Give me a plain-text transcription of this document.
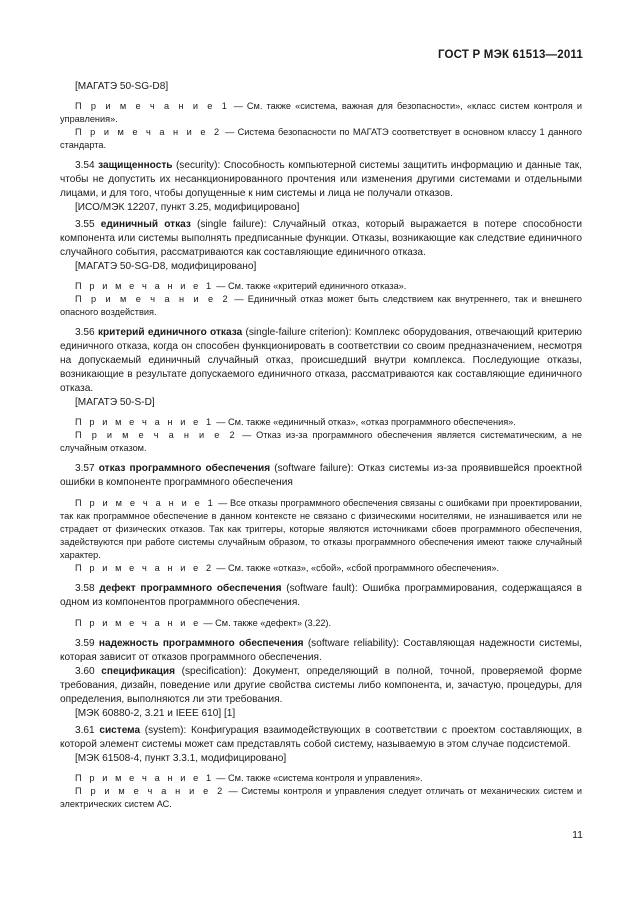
ГОСТ Р МЭК 61513—2011

[МАГАТЭ 50-SG-D8]

П р и м е ч а н и е 1 — См. также «система, важная для безопасности», «класс систем контроля и управления».

П р и м е ч а н и е 2 — Система безопасности по МАГАТЭ соответствует в основном классу 1 данного стандарта.

3.54 защищенность (security): Способность компьютерной системы защитить информацию и данные так, чтобы не допустить их несанкционированного прочтения или изменения другими системами и отдельными лицами, и для того, чтобы допущенные к ним системы и лица не получали отказов.

[ИСО/МЭК 12207, пункт 3.25, модифицировано]

3.55 единичный отказ (single failure): Случайный отказ, который выражается в потере способности компонента или системы выполнять предписанные функции. Отказы, возникающие как следствие единичного случайного события, рассматриваются как составляющие единичного отказа.

[МАГАТЭ 50-SG-D8, модифицировано]

П р и м е ч а н и е 1 — См. также «критерий единичного отказа».

П р и м е ч а н и е 2 — Единичный отказ может быть следствием как внутреннего, так и внешнего опасного воздействия.

3.56 критерий единичного отказа (single-failure criterion): Комплекс оборудования, отвечающий критерию единичного отказа, когда он способен функционировать в соответствии со своим предназначением, несмотря на допускаемый единичный случайный отказ, происшедший внутри комплекса. Последующие отказы, возникающие в результате допускаемого единичного отказа, рассматриваются как составляющие единичного отказа.

[МАГАТЭ 50-S-D]

П р и м е ч а н и е 1 — См. также «единичный отказ», «отказ программного обеспечения».

П р и м е ч а н и е 2 — Отказ из-за программного обеспечения является систематическим, а не случайным отказом.

3.57 отказ программного обеспечения (software failure): Отказ системы из-за проявившейся проектной ошибки в компоненте программного обеспечения

П р и м е ч а н и е 1 — Все отказы программного обеспечения связаны с ошибками при проектировании, так как программное обеспечение в данном контексте не связано с физическими носителями, не изнашивается или не страдает от физических отказов. Так как триггеры, которые являются источниками сбоев программного обеспечения, задействуются при работе системы случайным образом, то отказы программного обеспечения имеют также случайный характер.

П р и м е ч а н и е 2 — См. также «отказ», «сбой», «сбой программного обеспечения».

3.58 дефект программного обеспечения (software fault): Ошибка программирования, содержащаяся в одном из компонентов программного обеспечения.

П р и м е ч а н и е — См. также «дефект» (3.22).

3.59 надежность программного обеспечения (software reliability): Составляющая надежности системы, которая зависит от отказов программного обеспечения.

3.60 спецификация (specification): Документ, определяющий в полной, точной, проверяемой форме требования, дизайн, поведение или другие свойства системы либо компонента, и, зачастую, процедуры, для определения, выполняются ли эти требования.

[МЭК 60880-2, 3.21 и IEEE 610] [1]

3.61 система (system): Конфигурация взаимодействующих в соответствии с проектом составляющих, в которой элемент системы может сам представлять собой систему, называемую в этом случае подсистемой.

[МЭК 61508-4, пункт 3.3.1, модифицировано]

П р и м е ч а н и е 1 — См. также «система контроля и управления».

П р и м е ч а н и е 2 — Системы контроля и управления следует отличать от механических систем и электрических систем АС.

11
